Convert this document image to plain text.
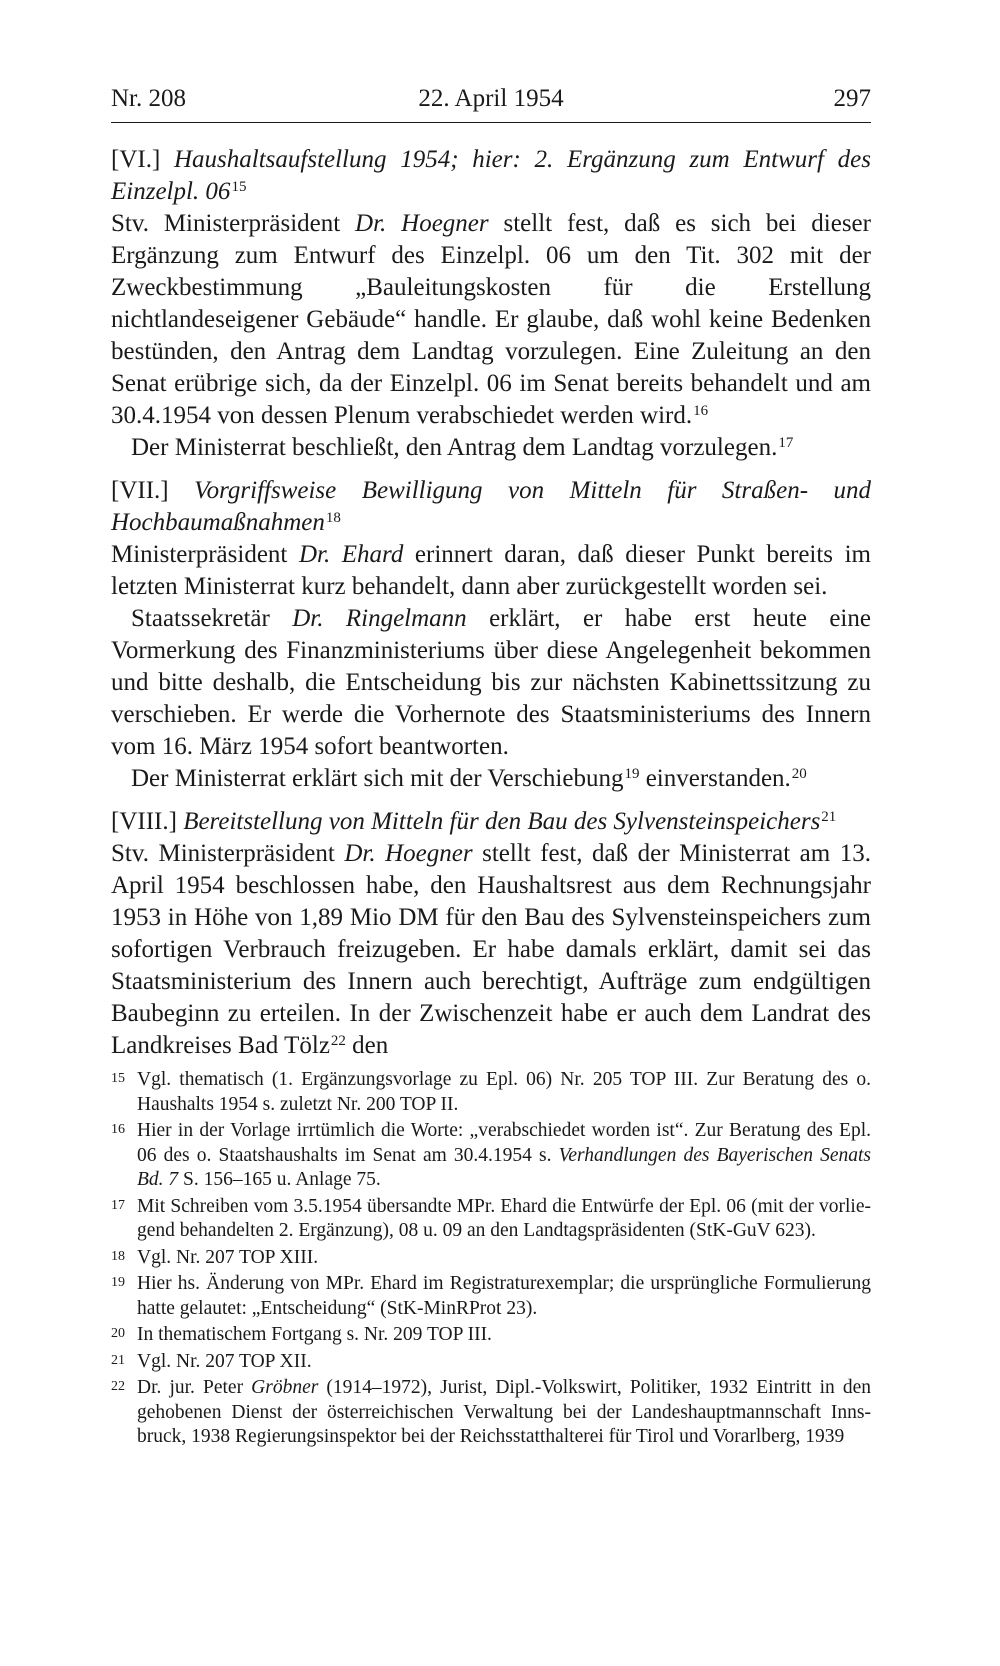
Nr. 208	22. April 1954	297

[VI.] Haushaltsaufstellung 1954; hier: 2. Ergänzung zum Entwurf des Einzelpl. $06^{15}$

Stv. Ministerpräsident Dr. Hoegner stellt fest, daß es sich bei dieser Ergänzung zum Entwurf des Einzelpl. 06 um den Tit. 302 mit der Zweckbestimmung „Bauleitungskosten für die Erstellung nichtlandeseigener Gebäude“ handle. Er glaube, daß wohl keine Bedenken bestünden, den Antrag dem Landtag vorzulegen. Eine Zuleitung an den Senat erübrige sich, da der Einzelpl. 06 im Senat bereits behandelt und am 30.4.1954 von dessen Plenum verabschiedet werden wird.$^{16}$

Der Ministerrat beschließt, den Antrag dem Landtag vorzulegen.$^{17}$

[VII.] Vorgriffsweise Bewilligung von Mitteln für Straßen- und Hochbaumaßnahmen$^{18}$

Ministerpräsident Dr. Ehard erinnert daran, daß dieser Punkt bereits im letzten Ministerrat kurz behandelt, dann aber zurückgestellt worden sei.

Staatssekretär Dr. Ringelmann erklärt, er habe erst heute eine Vormerkung des Finanzministeriums über diese Angelegenheit bekommen und bitte deshalb, die Entscheidung bis zur nächsten Kabinettssitzung zu verschieben. Er werde die Vorhernote des Staatsministeriums des Innern vom 16. März 1954 sofort beantworten.

Der Ministerrat erklärt sich mit der Verschiebung$^{19}$ einverstanden.$^{20}$

[VIII.] Bereitstellung von Mitteln für den Bau des Sylvensteinspeichers$^{21}$

Stv. Ministerpräsident Dr. Hoegner stellt fest, daß der Ministerrat am 13. April 1954 beschlossen habe, den Haushaltsrest aus dem Rechnungsjahr 1953 in Höhe von 1,89 Mio DM für den Bau des Sylvensteinspeichers zum sofortigen Verbrauch freizugeben. Er habe damals erklärt, damit sei das Staatsministerium des Innern auch berechtigt, Aufträge zum endgültigen Baubeginn zu erteilen. In der Zwischenzeit habe er auch dem Landrat des Landkreises Bad Tölz$^{22}$ den

15 Vgl. thematisch (1. Ergänzungsvorlage zu Epl. 06) Nr. 205 TOP III. Zur Beratung des o. Haushalts 1954 s. zuletzt Nr. 200 TOP II.
16 Hier in der Vorlage irrtümlich die Worte: „verabschiedet worden ist“. Zur Beratung des Epl. 06 des o. Staatshaushalts im Senat am 30.4.1954 s. Verhandlungen des Bayerischen Senats Bd. 7 S. 156–165 u. Anlage 75.
17 Mit Schreiben vom 3.5.1954 übersandte MPr. Ehard die Entwürfe der Epl. 06 (mit der vorliegend behandelten 2. Ergänzung), 08 u. 09 an den Landtagspräsidenten (StK-GuV 623).
18 Vgl. Nr. 207 TOP XIII.
19 Hier hs. Änderung von MPr. Ehard im Registraturexemplar; die ursprüngliche Formulierung hatte gelautet: „Entscheidung“ (StK-MinRProt 23).
20 In thematischem Fortgang s. Nr. 209 TOP III.
21 Vgl. Nr. 207 TOP XII.
22 Dr. jur. Peter Gröbner (1914–1972), Jurist, Dipl.-Volkswirt, Politiker, 1932 Eintritt in den gehobenen Dienst der österreichischen Verwaltung bei der Landeshauptmannschaft Innsbruck, 1938 Regierungsinspektor bei der Reichsstatthalterei für Tirol und Vorarlberg, 1939
